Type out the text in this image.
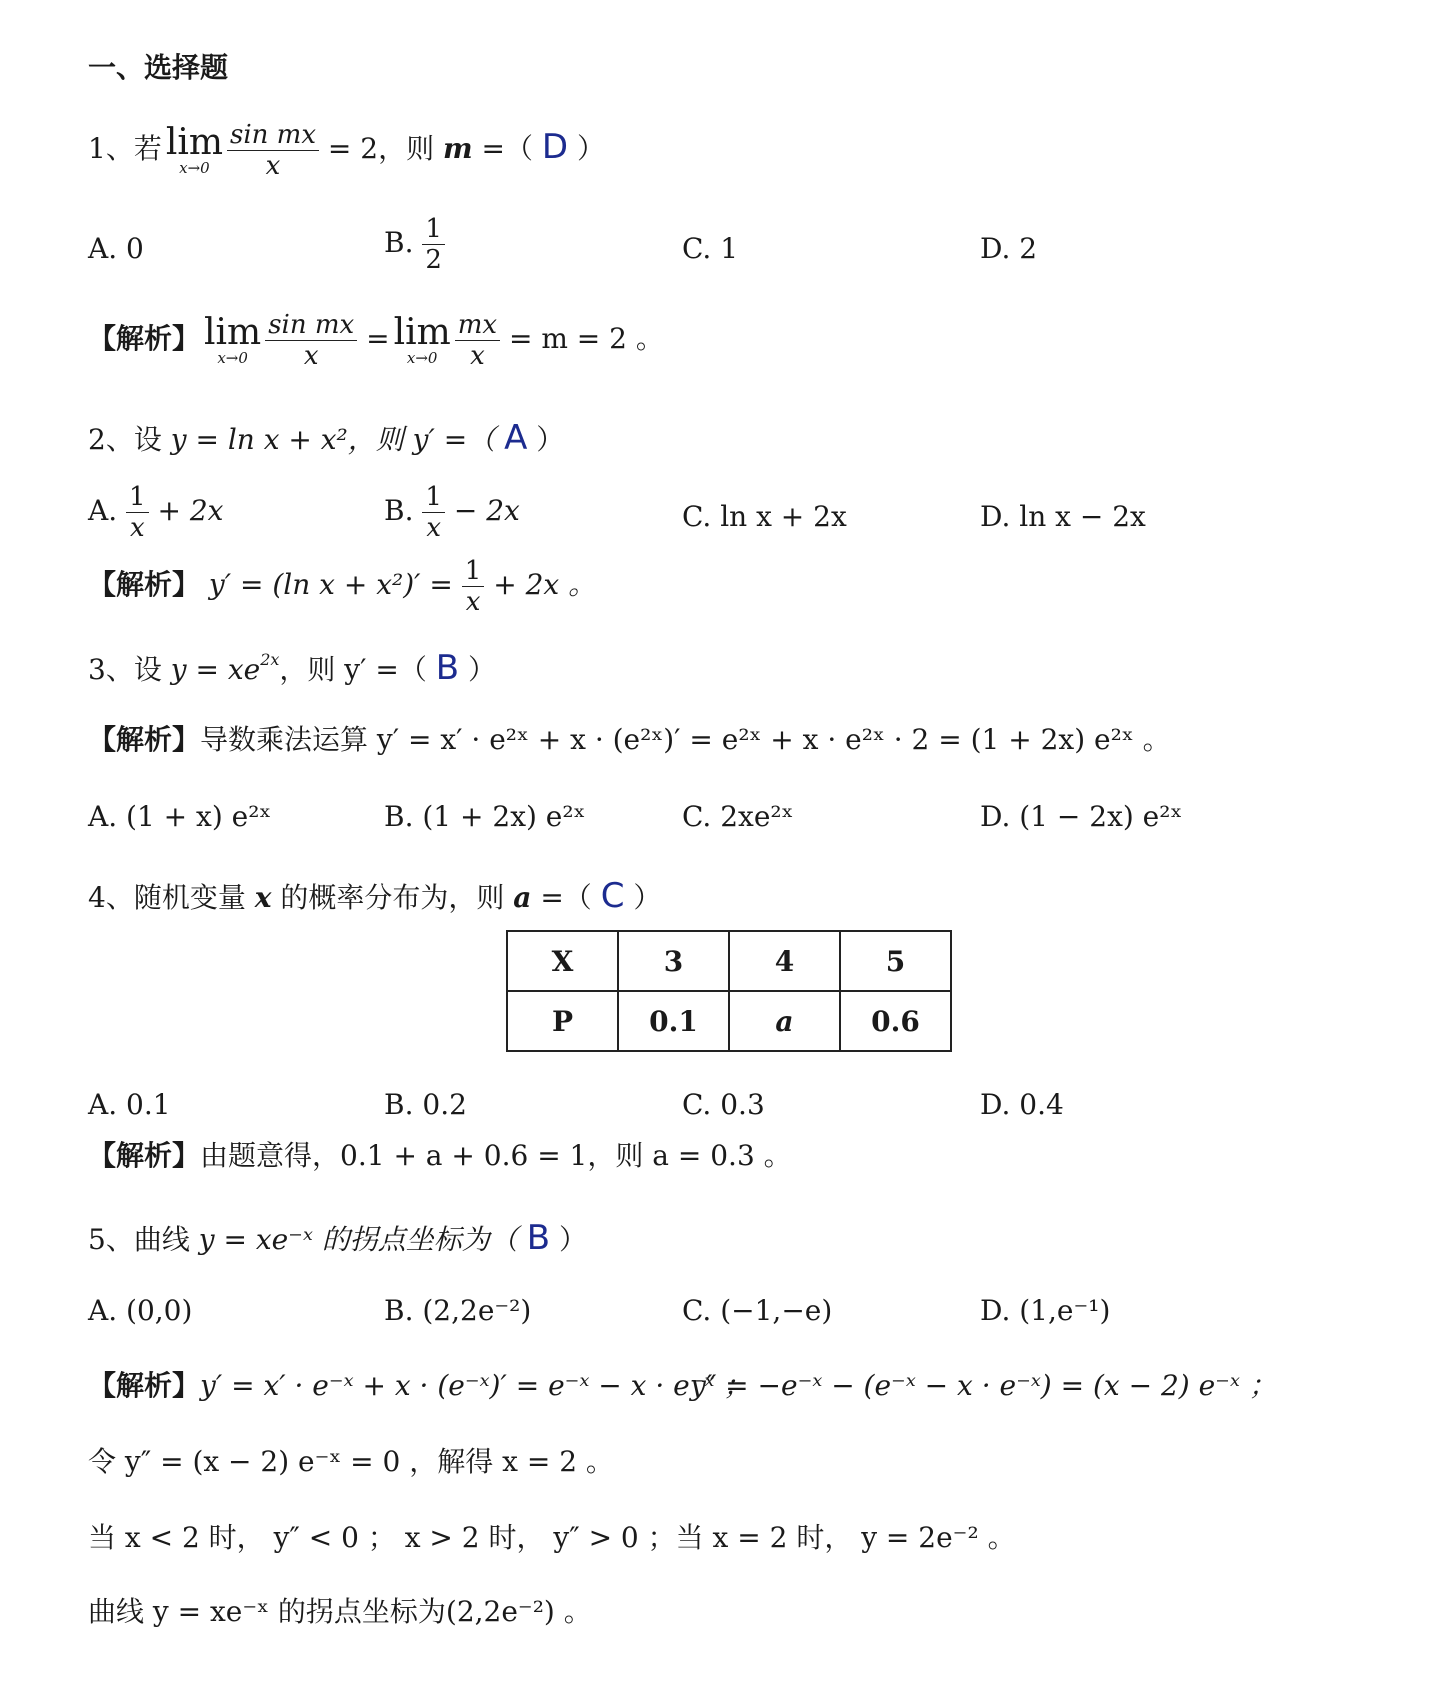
一、选择题
1、若 lim
$x\to 0 \frac{\text{sin mx}}{x} = 2$，则 m =（ D ）
A. 0	B. $\frac{1}{2}$	C. 1	D. 2
【解析】 lim
$x\to 0 \frac{\text{sin mx}}{x} = \lim$
$x\to 0 \frac{mx}{x} = m = 2$ 。
2、设 y = ln x + x²，则 y′ =（ A ）
A. $\frac{1}{x} + 2x$	B. $\frac{1}{x} - 2x$	C. ln x + 2x	D. ln x − 2x
【解析】 y′ = (ln $x + x^2)' = \frac{1}{x} + 2x$ 。
3、设 $y = xe^{2x}$，则 y′ =（ B ）
【解析】导数乘法运算 y′ = x′ · e²ˣ + x · (e²ˣ)′ = e²ˣ + x · e²ˣ · 2 = (1 + 2x) e²ˣ 。
A. (1 + x) e²ˣ	B. (1 + 2x) e²ˣ	C. 2xe²ˣ	D. (1 − 2x) e²ˣ
4、随机变量 x 的概率分布为，则 a =（ C ）
X	3	4	5
P	0.1	a	0.6
A. 0.1	B. 0.2	C. 0.3	D. 0.4
【解析】由题意得，0.1 + a + 0.6 = 1，则 a = 0.3 。
5、曲线 y = xe⁻ˣ 的拐点坐标为（ B ）
A. (0,0)	B. (2,2e⁻²)	C. (−1,−e)	D. (1,e⁻¹)
【解析】y′ = x′ · e⁻ˣ + x · (e⁻ˣ)′ = e⁻ˣ − x · e⁻ˣ ；
y″ = −e⁻ˣ − (e⁻ˣ − x · e⁻ˣ) = (x − 2) e⁻ˣ ；
令 y″ = (x − 2) e⁻ˣ = 0 ，解得 x = 2 。
当 x < 2 时， y″ < 0 ； x > 2 时， y″ > 0 ；当 x = 2 时， y = 2e⁻² 。
曲线 y = xe⁻ˣ 的拐点坐标为(2,2e⁻²) 。
